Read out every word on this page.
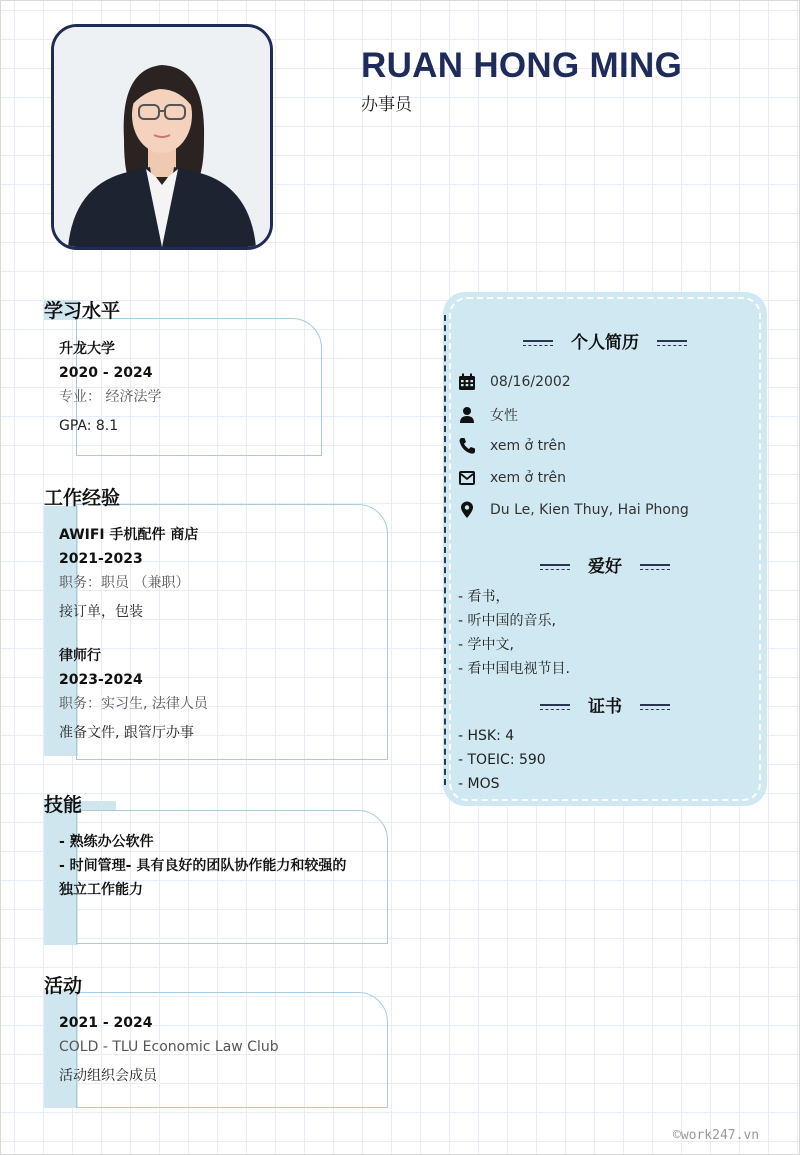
RUAN HONG MING
办事员
学习水平
升龙大学
2020 - 2024
专业： 经济法学
GPA: 8.1
工作经验
AWIFI 手机配件 商店
2021-2023
职务：职员 （兼职）
接订单，包装
律师行
2023-2024
职务：实习生, 法律人员
准备文件, 跟管厅办事
技能
- 熟练办公软件
- 时间管理- 具有良好的团队协作能力和较强的
独立工作能力
活动
2021 - 2024
COLD - TLU Economic Law Club
活动组织会成员
个人简历
08/16/2002
女性
xem ở trên
xem ở trên
Du Le, Kien Thuy, Hai Phong
爱好
- 看书，
- 听中国的音乐,
- 学中文,
- 看中国电视节目.
证书
- HSK: 4
- TOEIC: 590
- MOS
©work247.vn
